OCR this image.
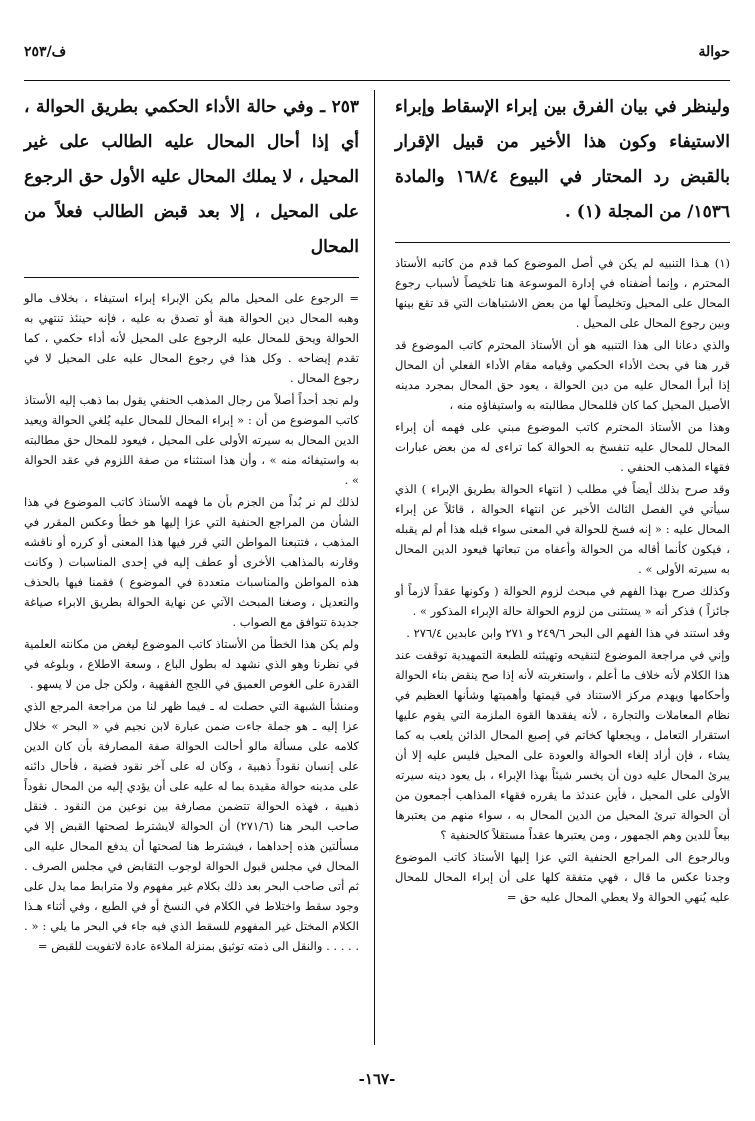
حوالة
ف/٢٥٣

ولينظر في بيان الفرق بين إبراء الإسقاط وإبراء الاستيفاء وكون هذا الأخير من قبيل الإقرار بالقبض رد المحتار في البيوع ١٦٨/٤ والمادة ١٥٣٦/ من المجلة (١) .

(١) هـذا التنبيه لم يكن في أصل الموضوع كما قدم من كاتبه الأستاذ المحترم ، وإنما أضفناه في إدارة الموسوعة هنا تلخيصاً لأسباب رجوع المحال على المحيل وتخليصاً لها من بعض الاشتباهات التي قد تقع بينها وبين رجوع المحال على المحيل .

والذي دعانا الى هذا التنبيه هو أن الأستاذ المحترم كاتب الموضوع قد قرر هنا في بحث الأداء الحكمي وقيامه مقام الأداء الفعلي أن المحال إذا أبرأ المحال عليه من دين الحوالة ، يعود حق المحال بمجرد مدينه الأصيل المحيل كما كان فللمحال مطالبته به واستيفاؤه منه ،

وهذا من الأستاذ المحترم كاتب الموضوع مبني على فهمه أن إبراء المحال للمحال عليه تنفسخ به الحوالة كما تراءى له من بعض عبارات فقهاء المذهب الحنفي .

وقد صرح بذلك أيضاً في مطلب ( انتهاء الحوالة بطريق الإبراء ) الذي سيأتي في الفصل الثالث الأخير عن انتهاء الحوالة ، قائلاً عن إبراء المحال عليه : « إنه فسخ للحوالة في المعنى سواء قبله هذا أم لم يقبله ، فيكون كأنما أقاله من الحوالة وأعفاه من تبعاتها فيعود الدين المحال به سيرته الأولى » .

وكذلك صرح بهذا الفهم في مبحث لزوم الحوالة ( وكونها عقداً لازماً أو جائزاً ) فذكر أنه « يستثنى من لزوم الحوالة حالة الإبراء المذكور » .

وقد استند في هذا الفهم الى البحر ٢٤٩/٦ و ٢٧١ وابن عابدين ٢٧٦/٤ .

وإني في مراجعة الموضوع لتنقيحه وتهيئته للطبعة التمهيدية توقفت عند هذا الكلام لأنه خلاف ما أعلم ، واستغربته لأنه إذا صح ينقض بناء الحوالة وأحكامها ويهدم مركز الاستناد في قيمتها وأهميتها وشأنها العظيم في نظام المعاملات والتجارة ، لأنه يفقدها القوة الملزمة التي يقوم عليها استقرار التعامل ، ويجعلها كخاتم في إصبع المحال الدائن يلعب به كما يشاء ، فإن أراد إلغاء الحوالة والعودة على المحيل فليس عليه إلا أن يبرئ المحال عليه دون أن يخسر شيئاً بهذا الإبراء ، بل يعود دينه سيرته الأولى على المحيل ، فأين عندئذ ما يقرره فقهاء المذاهب أجمعون من أن الحوالة تبرئ المحيل من الدين المحال به ، سواء منهم من يعتبرها بيعاً للدين وهم الجمهور ، ومن يعتبرها عقداً مستقلاً كالحنفية ؟

وبالرجوع الى المراجع الحنفية التي عزا إليها الأستاذ كاتب الموضوع وجدنا عكس ما قال ، فهي متفقة كلها على أن إبراء المحال للمحال عليه يُنهي الحوالة ولا يعطي المحال عليه حق =

٢٥٣ ـ وفي حالة الأداء الحكمي بطريق الحوالة ، أي إذا أحال المحال عليه الطالب على غير المحيل ، لا يملك المحال عليه الأول حق الرجوع على المحيل ، إلا بعد قبض الطالب فعلاً من المحال

= الرجوع على المحيل مالم يكن الإبراء إبراء استيفاء ، بخلاف مالو وهبه المحال دين الحوالة هبة أو تصدق به عليه ، فإنه حينئذ تنتهي به الحوالة ويحق للمحال عليه الرجوع على المحيل لأنه أداء حكمي ، كما تقدم إيضاحه . وكل هذا في رجوع المحال عليه على المحيل لا في رجوع المحال .

ولم نجد أحداً أصلاً من رجال المذهب الحنفي يقول بما ذهب إليه الأستاذ كاتب الموضوع من أن : « إبراء المحال للمحال عليه يُلغي الحوالة ويعيد الدين المحال به سيرته الأولى على المحيل ، فيعود للمحال حق مطالبته به واستيفائه منه » ، وأن هذا استثناء من صفة اللزوم في عقد الحوالة » .

لذلك لم نر بُداً من الجزم بأن ما فهمه الأستاذ كاتب الموضوع في هذا الشأن من المراجع الحنفية التي عزا إليها هو خطأ وعكس المقرر في المذهب ، فتتبعنا المواطن التي قرر فيها هذا المعنى أو كرره أو ناقشه وقارنه بالمذاهب الأخرى أو عطف إليه في إحدى المناسبات ( وكانت هذه المواطن والمناسبات متعددة في الموضوع ) فقمنا فيها بالحذف والتعديل ، وصغنا المبحث الآتي عن نهاية الحوالة بطريق الابراء صياغة جديدة تتوافق مع الصواب .

ولم يكن هذا الخطأ من الأستاذ كاتب الموضوع ليغض من مكانته العلمية في نظرنا وهو الذي نشهد له بطول الباع ، وسعة الاطلاع ، وبلوغه في القدرة على الغوص العميق في اللجج الفقهية ، ولكن جل من لا يسهو .

ومنشأ الشبهة التي حصلت له ـ فيما ظهر لنا من مراجعة المرجع الذي عزا إليه ـ هو جملة جاءت ضمن عبارة لابن نجيم في « البحر » خلال كلامه على مسألة مالو أحالت الحوالة صفة المصارفة بأن كان الدين على إنسان نقوداً ذهبية ، وكان له على آخر نقود فضية ، فأحال دائنه على مدينه حوالة مقيدة بما له عليه على أن يؤدي إليه من المحال نقوداً ذهبية ، فهذه الحوالة تتضمن مصارفة بين نوعين من النقود . فنقل صاحب البحر هنا (٢٧١/٦) أن الحوالة لايشترط لصحتها القبض إلا في مسألتين هذه إحداهما ، فيشترط هنا لصحتها أن يدفع المحال عليه الى المحال في مجلس قبول الحوالة لوجوب التقابض في مجلس الصرف . ثم أتى صاحب البحر بعد ذلك بكلام غير مفهوم ولا مترابط مما يدل على وجود سقط واختلاط في الكلام في النسخ أو في الطبع ، وفي أثناء هـذا الكلام المختل غير المفهوم للسقط الذي فيه جاء في البحر ما يلي : « . . . . . . والنقل الى ذمته توثيق بمنزلة الملاءة عادة لاتفويت للقبض =

-١٦٧-
